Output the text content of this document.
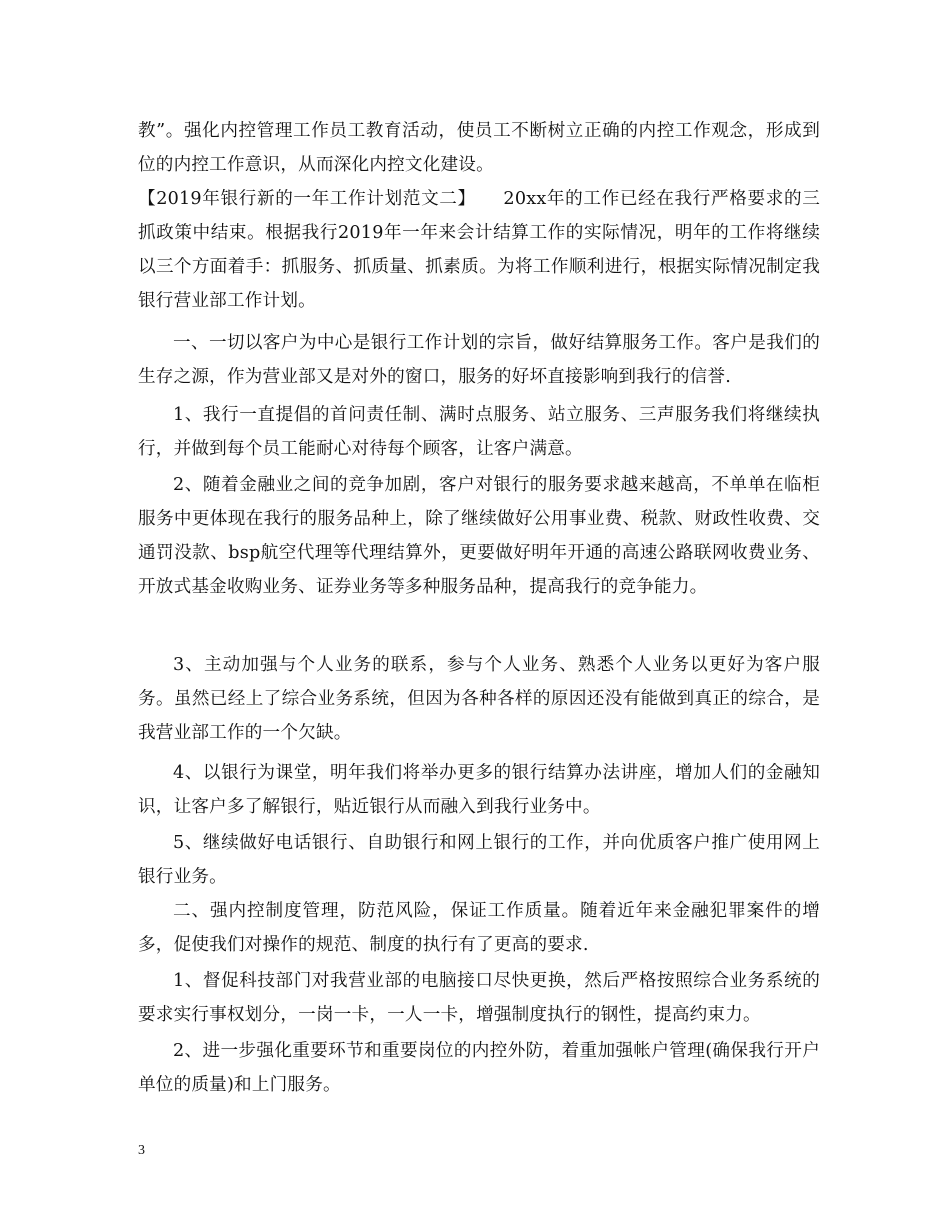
教”。强化内控管理工作员工教育活动，使员工不断树立正确的内控工作观念，形成到位的内控工作意识，从而深化内控文化建设。

【2019年银行新的一年工作计划范文二】　　20xx年的工作已经在我行严格要求的三抓政策中结束。根据我行2019年一年来会计结算工作的实际情况，明年的工作将继续以三个方面着手：抓服务、抓质量、抓素质。为将工作顺利进行，根据实际情况制定我银行营业部工作计划。

一、一切以客户为中心是银行工作计划的宗旨，做好结算服务工作。客户是我们的生存之源，作为营业部又是对外的窗口，服务的好坏直接影响到我行的信誉.

1、我行一直提倡的首问责任制、满时点服务、站立服务、三声服务我们将继续执行，并做到每个员工能耐心对待每个顾客，让客户满意。

2、随着金融业之间的竞争加剧，客户对银行的服务要求越来越高，不单单在临柜服务中更体现在我行的服务品种上，除了继续做好公用事业费、税款、财政性收费、交通罚没款、bsp航空代理等代理结算外，更要做好明年开通的高速公路联网收费业务、开放式基金收购业务、证券业务等多种服务品种，提高我行的竞争能力。

3、主动加强与个人业务的联系，参与个人业务、熟悉个人业务以更好为客户服务。虽然已经上了综合业务系统，但因为各种各样的原因还没有能做到真正的综合，是我营业部工作的一个欠缺。

4、以银行为课堂，明年我们将举办更多的银行结算办法讲座，增加人们的金融知识，让客户多了解银行，贴近银行从而融入到我行业务中。

5、继续做好电话银行、自助银行和网上银行的工作，并向优质客户推广使用网上银行业务。

二、强内控制度管理，防范风险，保证工作质量。随着近年来金融犯罪案件的增多，促使我们对操作的规范、制度的执行有了更高的要求.

1、督促科技部门对我营业部的电脑接口尽快更换，然后严格按照综合业务系统的要求实行事权划分，一岗一卡，一人一卡，增强制度执行的钢性，提高约束力。

2、进一步强化重要环节和重要岗位的内控外防，着重加强帐户管理(确保我行开户单位的质量)和上门服务。

3
